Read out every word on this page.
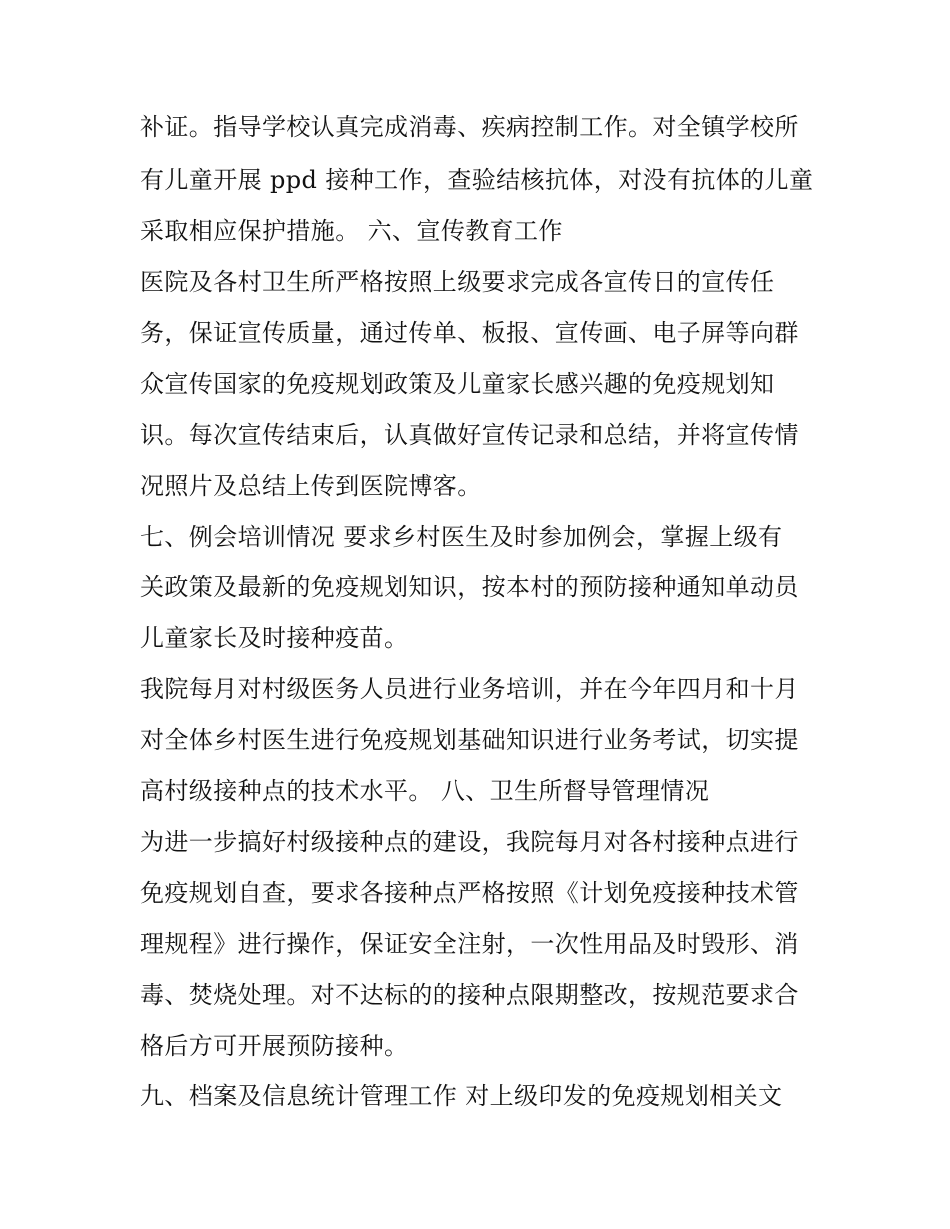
补证。指导学校认真完成消毒、疾病控制工作。对全镇学校所
有儿童开展 ppd 接种工作，查验结核抗体，对没有抗体的儿童
采取相应保护措施。 六、宣传教育工作
医院及各村卫生所严格按照上级要求完成各宣传日的宣传任
务，保证宣传质量，通过传单、板报、宣传画、电子屏等向群
众宣传国家的免疫规划政策及儿童家长感兴趣的免疫规划知
识。每次宣传结束后，认真做好宣传记录和总结，并将宣传情
况照片及总结上传到医院博客。
七、例会培训情况 要求乡村医生及时参加例会，掌握上级有
关政策及最新的免疫规划知识，按本村的预防接种通知单动员
儿童家长及时接种疫苗。
我院每月对村级医务人员进行业务培训，并在今年四月和十月
对全体乡村医生进行免疫规划基础知识进行业务考试，切实提
高村级接种点的技术水平。 八、卫生所督导管理情况
为进一步搞好村级接种点的建设，我院每月对各村接种点进行
免疫规划自查，要求各接种点严格按照《计划免疫接种技术管
理规程》进行操作，保证安全注射，一次性用品及时毁形、消
毒、焚烧处理。对不达标的的接种点限期整改，按规范要求合
格后方可开展预防接种。
九、档案及信息统计管理工作 对上级印发的免疫规划相关文
